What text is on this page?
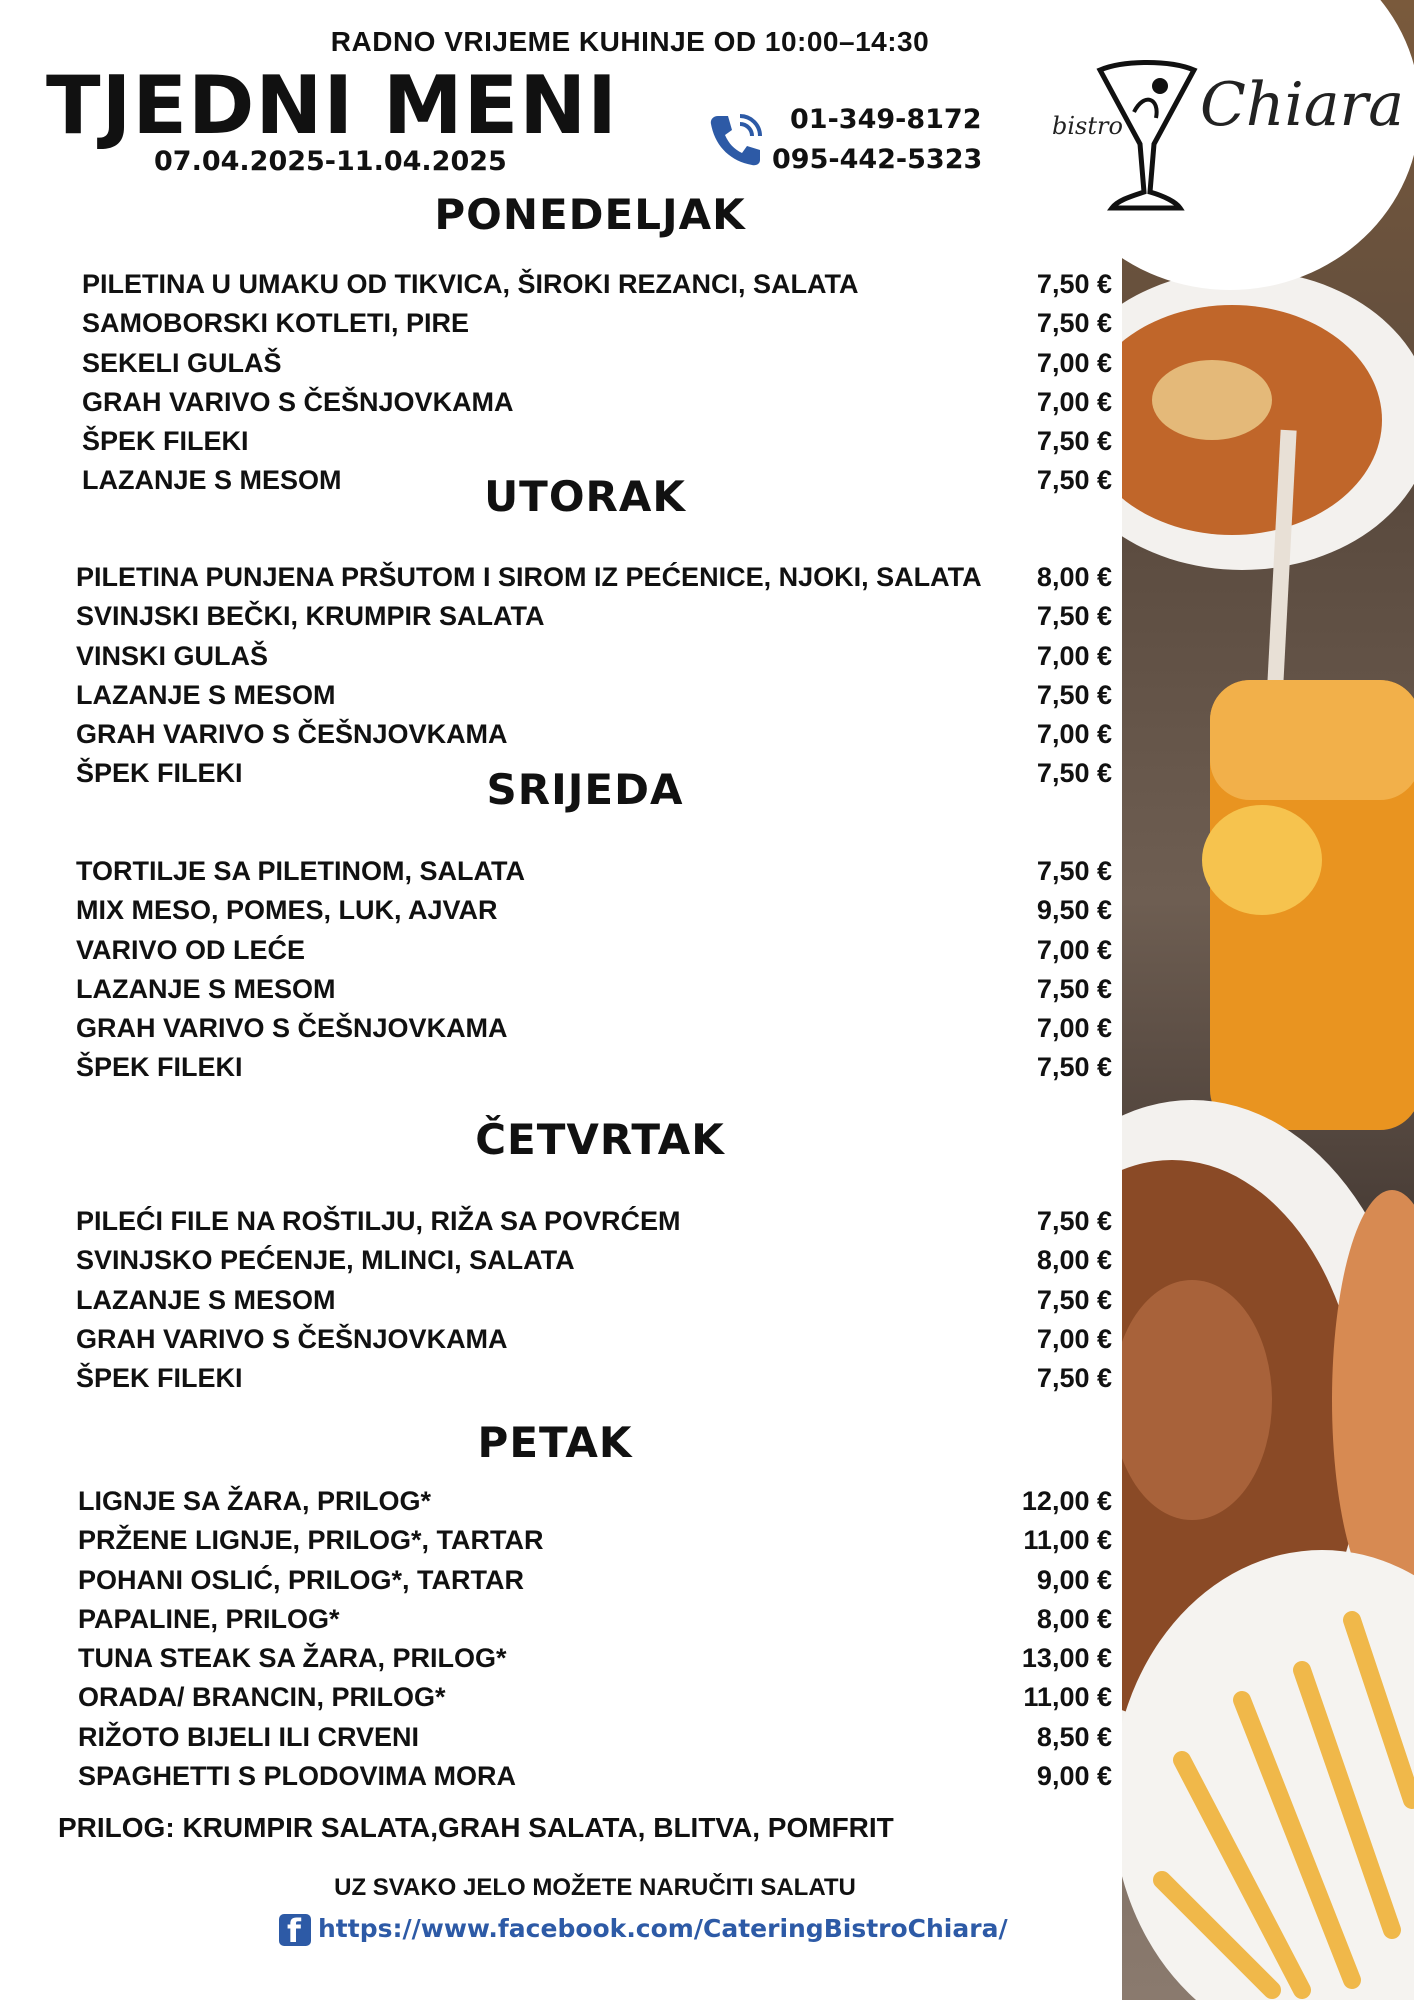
RADNO VRIJEME KUHINJE OD 10:00–14:30
TJEDNI MENI
07.04.2025-11.04.2025
01-349-8172
095-442-5323
bistro Chiara
PONEDELJAK
PILETINA U UMAKU OD TIKVICA, ŠIROKI REZANCI, SALATA	7,50 €
SAMOBORSKI KOTLETI, PIRE	7,50 €
SEKELI GULAŠ	7,00 €
GRAH VARIVO S ČEŠNJOVKAMA	7,00 €
ŠPEK FILEKI	7,50 €
LAZANJE S MESOM	7,50 €
UTORAK
PILETINA PUNJENA PRŠUTOM I SIROM IZ PEĆENICE, NJOKI, SALATA 8,00 €
SVINJSKI BEČKI, KRUMPIR SALATA	7,50 €
VINSKI GULAŠ	7,00 €
LAZANJE S MESOM	7,50 €
GRAH VARIVO S ČEŠNJOVKAMA	7,00 €
ŠPEK FILEKI	7,50 €
SRIJEDA
TORTILJE SA PILETINOM, SALATA	7,50 €
MIX MESO, POMES, LUK, AJVAR	9,50 €
VARIVO OD LEĆE	7,00 €
LAZANJE S MESOM	7,50 €
GRAH VARIVO S ČEŠNJOVKAMA	7,00 €
ŠPEK FILEKI	7,50 €
ČETVRTAK
PILEĆI FILE NA ROŠTILJU, RIŽA SA POVRĆEM	7,50 €
SVINJSKO PEĆENJE, MLINCI, SALATA	8,00 €
LAZANJE S MESOM	7,50 €
GRAH VARIVO S ČEŠNJOVKAMA	7,00 €
ŠPEK FILEKI	7,50 €
PETAK
LIGNJE SA ŽARA, PRILOG*	12,00 €
PRŽENE LIGNJE, PRILOG*, TARTAR	11,00 €
POHANI OSLIĆ, PRILOG*, TARTAR	9,00 €
PAPALINE, PRILOG*	8,00 €
TUNA STEAK SA ŽARA, PRILOG*	13,00 €
ORADA/ BRANCIN, PRILOG*	11,00 €
RIŽOTO BIJELI ILI CRVENI	8,50 €
SPAGHETTI S PLODOVIMA MORA	9,00 €
PRILOG: KRUMPIR SALATA,GRAH SALATA, BLITVA, POMFRIT
UZ SVAKO JELO MOŽETE NARUČITI SALATU
f https://www.facebook.com/CateringBistroChiara/
